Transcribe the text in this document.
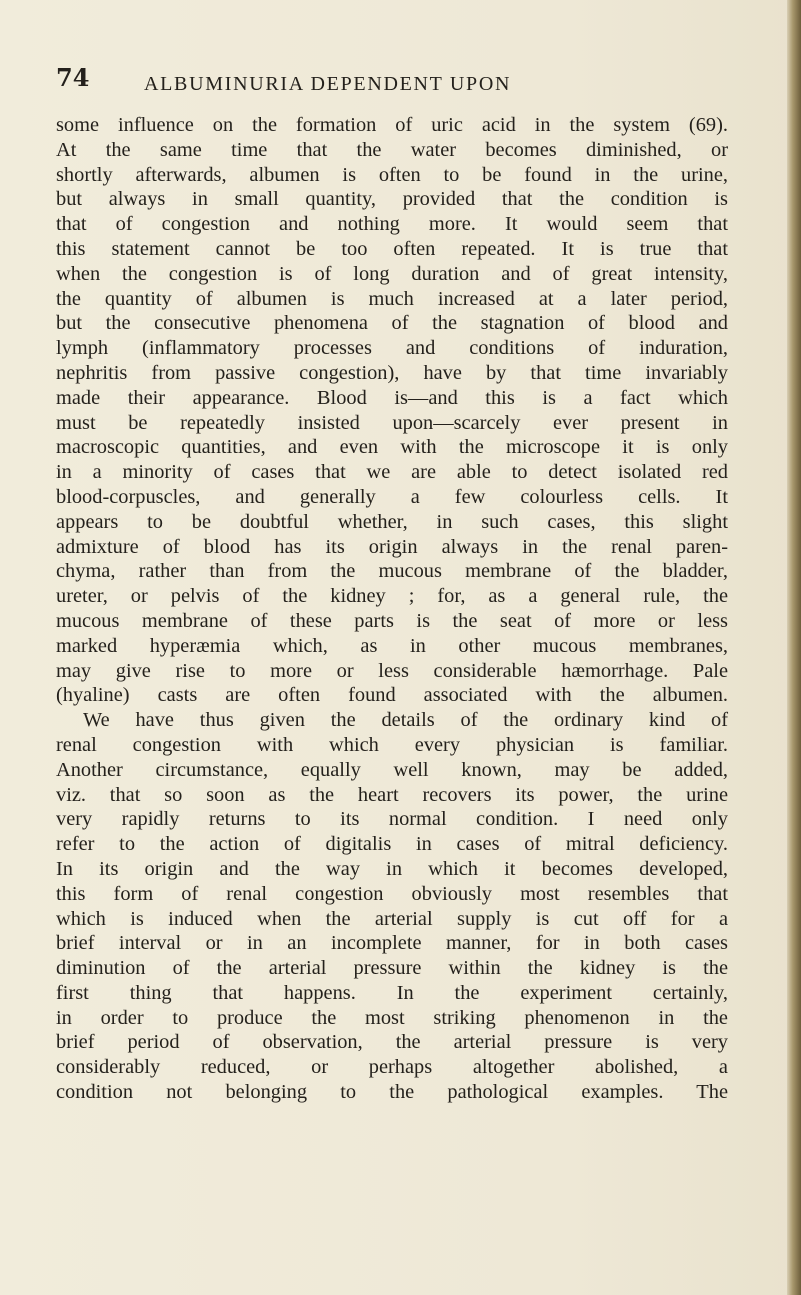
74	ALBUMINURIA DEPENDENT UPON
some influence on the formation of uric acid in the system (69).
At the same time that the water becomes diminished, or
shortly afterwards, albumen is often to be found in the urine,
but always in small quantity, provided that the condition is
that of congestion and nothing more. It would seem that
this statement cannot be too often repeated. It is true that
when the congestion is of long duration and of great intensity,
the quantity of albumen is much increased at a later period,
but the consecutive phenomena of the stagnation of blood and
lymph (inflammatory processes and conditions of induration,
nephritis from passive congestion), have by that time invariably
made their appearance. Blood is—and this is a fact which
must be repeatedly insisted upon—scarcely ever present in
macroscopic quantities, and even with the microscope it is only
in a minority of cases that we are able to detect isolated red
blood-corpuscles, and generally a few colourless cells. It
appears to be doubtful whether, in such cases, this slight
admixture of blood has its origin always in the renal paren-
chyma, rather than from the mucous membrane of the bladder,
ureter, or pelvis of the kidney ; for, as a general rule, the
mucous membrane of these parts is the seat of more or less
marked hyperæmia which, as in other mucous membranes,
may give rise to more or less considerable hæmorrhage. Pale
(hyaline) casts are often found associated with the albumen.
We have thus given the details of the ordinary kind of
renal congestion with which every physician is familiar.
Another circumstance, equally well known, may be added,
viz. that so soon as the heart recovers its power, the urine
very rapidly returns to its normal condition. I need only
refer to the action of digitalis in cases of mitral deficiency.
In its origin and the way in which it becomes developed,
this form of renal congestion obviously most resembles that
which is induced when the arterial supply is cut off for a
brief interval or in an incomplete manner, for in both cases
diminution of the arterial pressure within the kidney is the
first thing that happens. In the experiment certainly,
in order to produce the most striking phenomenon in the
brief period of observation, the arterial pressure is very
considerably reduced, or perhaps altogether abolished, a
condition not belonging to the pathological examples. The
